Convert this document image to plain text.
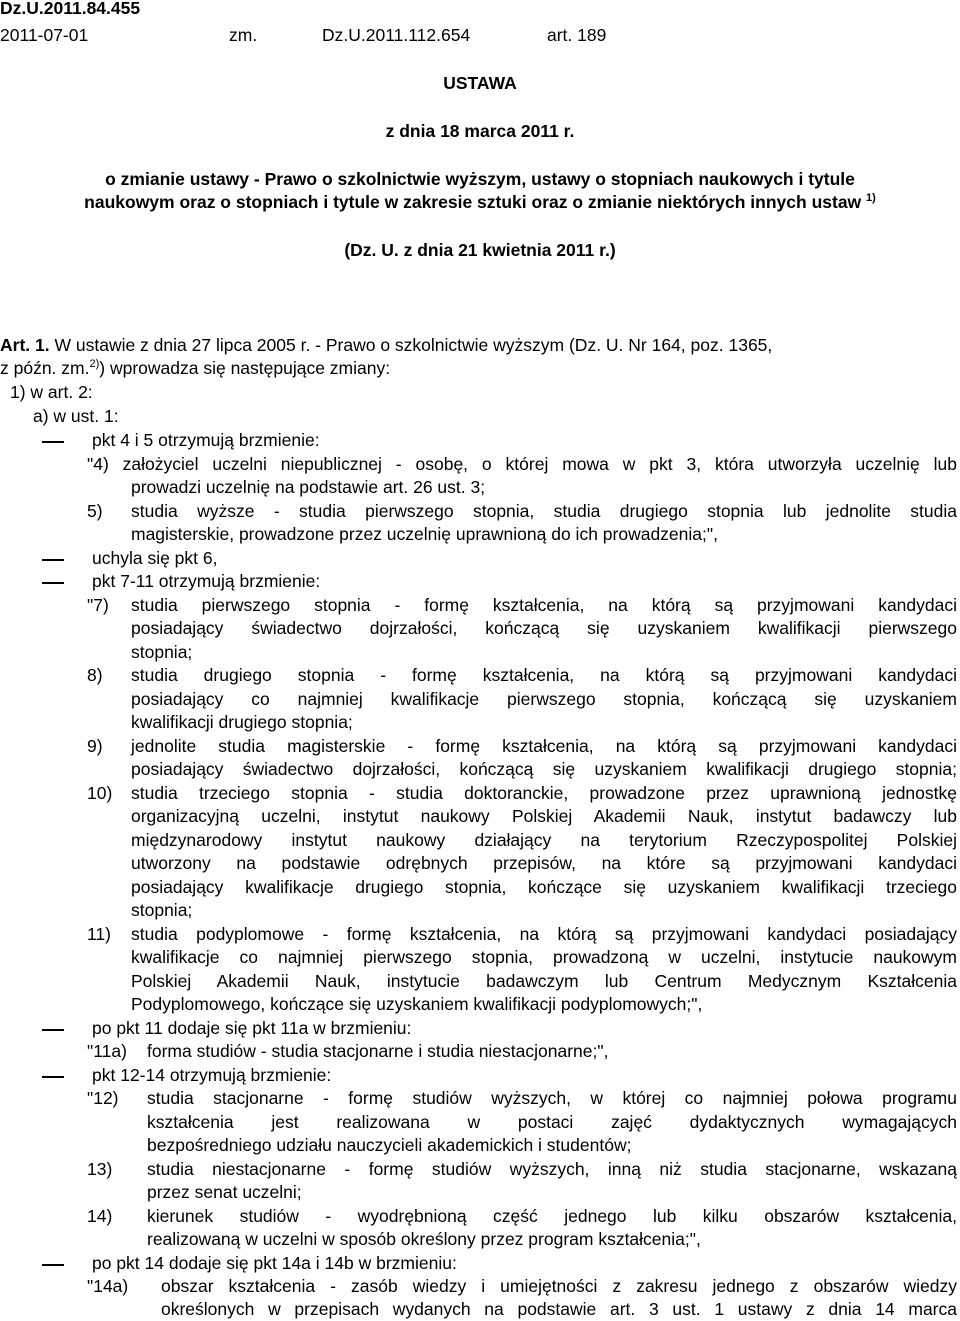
Dz.U.2011.84.455
2011-07-01	zm.	Dz.U.2011.112.654	art. 189
USTAWA
z dnia 18 marca 2011 r.
o zmianie ustawy - Prawo o szkolnictwie wyższym, ustawy o stopniach naukowych i tytule
naukowym oraz o stopniach i tytule w zakresie sztuki oraz o zmianie niektórych innych ustaw $^{1)}$
(Dz. U. z dnia 21 kwietnia 2011 r.)
Art. 1. W ustawie z dnia 27 lipca 2005 r. - Prawo o szkolnictwie wyższym (Dz. U. Nr 164, poz. 1365,
z późn. zm.$^{2)}$) wprowadza się następujące zmiany:
1) w art. 2:
a) w ust. 1:
pkt 4 i 5 otrzymują brzmienie:
"4) założyciel uczelni niepublicznej - osobę, o której mowa w pkt 3, która utworzyła uczelnię lub
prowadzi uczelnię na podstawie art. 26 ust. 3;
5) studia wyższe - studia pierwszego stopnia, studia drugiego stopnia lub jednolite studia
magisterskie, prowadzone przez uczelnię uprawnioną do ich prowadzenia;",
uchyla się pkt 6,
pkt 7-11 otrzymują brzmienie:
"7) studia pierwszego stopnia - formę kształcenia, na którą są przyjmowani kandydaci
posiadający świadectwo dojrzałości, kończącą się uzyskaniem kwalifikacji pierwszego
stopnia;
8) studia drugiego stopnia - formę kształcenia, na którą są przyjmowani kandydaci
posiadający co najmniej kwalifikacje pierwszego stopnia, kończącą się uzyskaniem
kwalifikacji drugiego stopnia;
9) jednolite studia magisterskie - formę kształcenia, na którą są przyjmowani kandydaci
posiadający świadectwo dojrzałości, kończącą się uzyskaniem kwalifikacji drugiego stopnia;
10) studia trzeciego stopnia - studia doktoranckie, prowadzone przez uprawnioną jednostkę
organizacyjną uczelni, instytut naukowy Polskiej Akademii Nauk, instytut badawczy lub
międzynarodowy instytut naukowy działający na terytorium Rzeczypospolitej Polskiej
utworzony na podstawie odrębnych przepisów, na które są przyjmowani kandydaci
posiadający kwalifikacje drugiego stopnia, kończące się uzyskaniem kwalifikacji trzeciego
stopnia;
11) studia podyplomowe - formę kształcenia, na którą są przyjmowani kandydaci posiadający
kwalifikacje co najmniej pierwszego stopnia, prowadzoną w uczelni, instytucie naukowym
Polskiej Akademii Nauk, instytucie badawczym lub Centrum Medycznym Kształcenia
Podyplomowego, kończące się uzyskaniem kwalifikacji podyplomowych;",
po pkt 11 dodaje się pkt 11a w brzmieniu:
"11a) forma studiów - studia stacjonarne i studia niestacjonarne;",
pkt 12-14 otrzymują brzmienie:
"12) studia stacjonarne - formę studiów wyższych, w której co najmniej połowa programu
kształcenia jest realizowana w postaci zajęć dydaktycznych wymagających
bezpośredniego udziału nauczycieli akademickich i studentów;
13) studia niestacjonarne - formę studiów wyższych, inną niż studia stacjonarne, wskazaną
przez senat uczelni;
14) kierunek studiów - wyodrębnioną część jednego lub kilku obszarów kształcenia,
realizowaną w uczelni w sposób określony przez program kształcenia;",
po pkt 14 dodaje się pkt 14a i 14b w brzmieniu:
"14a) obszar kształcenia - zasób wiedzy i umiejętności z zakresu jednego z obszarów wiedzy
określonych w przepisach wydanych na podstawie art. 3 ust. 1 ustawy z dnia 14 marca
